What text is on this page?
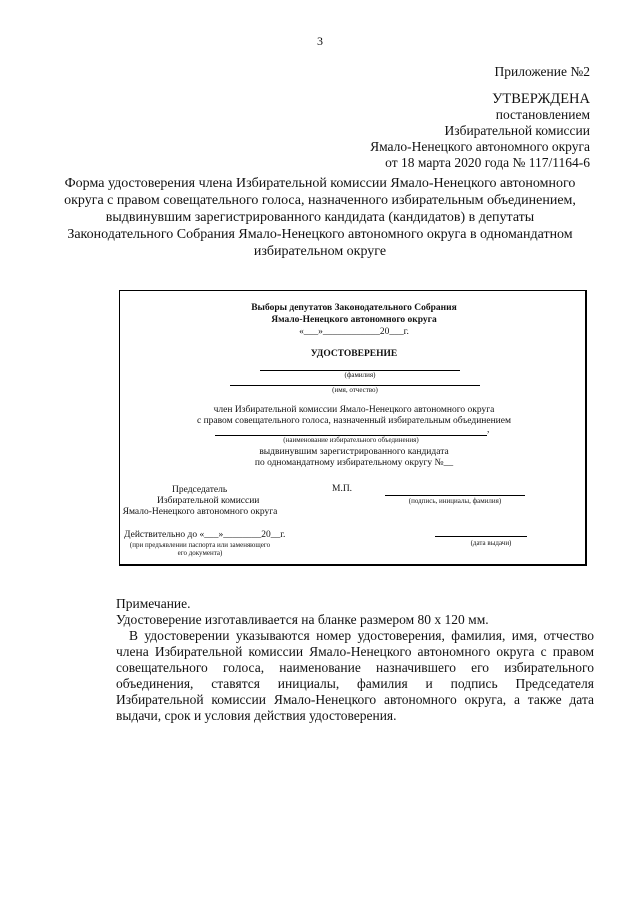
3
Приложение №2
УТВЕРЖДЕНА
постановлением
Избирательной комиссии
Ямало-Ненецкого автономного округа
от 18 марта 2020 года № 117/1164-6
Форма удостоверения члена Избирательной комиссии Ямало-Ненецкого автономного округа с правом совещательного голоса, назначенного избирательным объединением, выдвинувшим зарегистрированного кандидата (кандидатов) в депутаты Законодательного Собрания Ямало-Ненецкого автономного округа в одномандатном избирательном округе
Выборы депутатов Законодательного Собрания
Ямало-Ненецкого автономного округа
«___»____________20___г.
УДОСТОВЕРЕНИЕ
(фамилия)
(имя, отчество)
член Избирательной комиссии Ямало-Ненецкого автономного округа
с правом совещательного голоса, назначенный избирательным объединением
,
(наименование избирательного объединения)
выдвинувшим зарегистрированного кандидата
по одномандатному избирательному округу №__
Председатель
Избирательной комиссии
Ямало-Ненецкого автономного округа
М.П.
(подпись, инициалы, фамилия)
Действительно до «___»________20__г.
(при предъявлении паспорта или заменяющего
его документа)
(дата выдачи)
Примечание.
Удостоверение изготавливается на бланке размером 80 х 120 мм.
В удостоверении указываются номер удостоверения, фамилия, имя, отчество члена Избирательной комиссии Ямало-Ненецкого автономного округа с правом совещательного голоса, наименование назначившего его избирательного объединения, ставятся инициалы, фамилия и подпись Председателя Избирательной комиссии Ямало-Ненецкого автономного округа, а также дата выдачи, срок и условия действия удостоверения.
